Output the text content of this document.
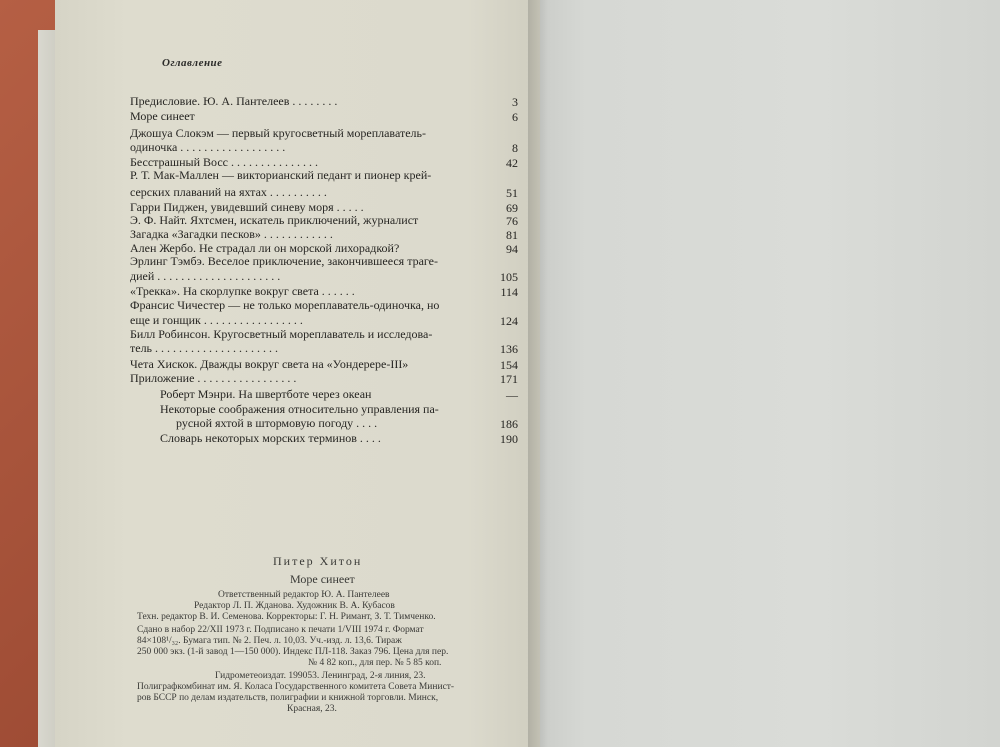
Оглавление
Предисловие. Ю. А. Пантелеев . . . . . . . .	3
Море синеет	6
Джошуа Слокэм — первый кругосветный мореплаватель-
одиночка . . . . . . . . . . . . . . . . . .	8
Бесстрашный Восс . . . . . . . . . . . . . . .	42
Р. Т. Мак-Маллен — викторианский педант и пионер крей-
серских плаваний на яхтах . . . . . . . . . .	51
Гарри Пиджен, увидевший синеву моря . . . . .	69
Э. Ф. Найт. Яхтсмен, искатель приключений, журналист	76
Загадка «Загадки песков» . . . . . . . . . . . .	81
Ален Жербо. Не страдал ли он морской лихорадкой?	94
Эрлинг Тэмбэ. Веселое приключение, закончившееся траге-
дией . . . . . . . . . . . . . . . . . . . . .	105
«Трекка». На скорлупке вокруг света . . . . . .	114
Франсис Чичестер — не только мореплаватель-одиночка, но
еще и гонщик . . . . . . . . . . . . . . . . .	124
Билл Робинсон. Кругосветный мореплаватель и исследова-
тель . . . . . . . . . . . . . . . . . . . . .	136
Чета Хискок. Дважды вокруг света на «Уондерере-III»	154
Приложение . . . . . . . . . . . . . . . . .	171
Роберт Мэнри. На швертботе через океан	—
Некоторые соображения относительно управления па-
русной яхтой в штормовую погоду . . . .	186
Словарь некоторых морских терминов . . . .	190
Питер Хитон
Море синеет
Ответственный редактор Ю. А. Пантелеев
Редактор Л. П. Жданова. Художник В. А. Кубасов
Техн. редактор В. И. Семенова. Корректоры: Г. Н. Римант, З. Т. Тимченко.
Сдано в набор 22/XII 1973 г. Подписано к печати 1/VIII 1974 г. Формат
84×108¹/₃₂. Бумага тип. № 2. Печ. л. 10,03. Уч.-изд. л. 13,6. Тираж
250 000 экз. (1-й завод 1—150 000). Индекс ПЛ-118. Заказ 796. Цена для пер.
№ 4 82 коп., для пер. № 5 85 коп.
Гидрометеоиздат. 199053. Ленинград, 2-я линия, 23.
Полиграфкомбинат им. Я. Коласа Государственного комитета Совета Минист-
ров БССР по делам издательств, полиграфии и книжной торговли. Минск,
Красная, 23.
